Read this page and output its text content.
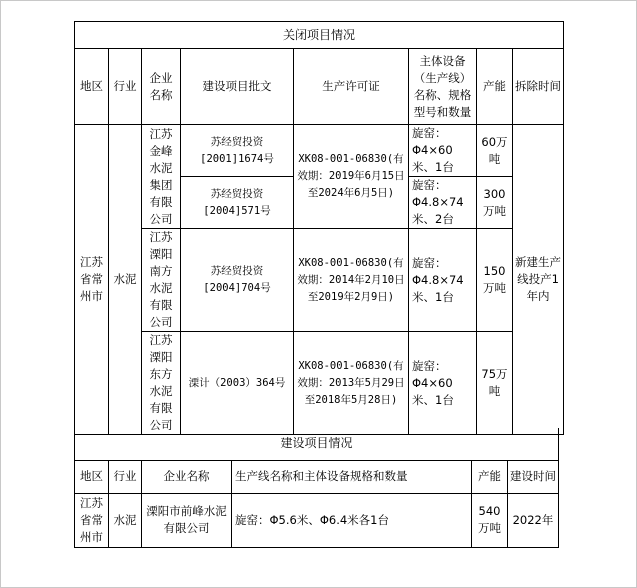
关闭项目情况							
地区	行业	企业名称	建设项目批文	生产许可证	主体设备（生产线）名称、规格型号和数量	产能	拆除时间
江苏省常州市	水泥	江苏金峰水泥集团有限公司	苏经贸投资[2001]1674号	XK08-001-06830(有效期：2019年6月15日至2024年6月5日)	旋窑：Φ4×60米、1台	60万吨	新建生产线投产1年内
			苏经贸投资[2004]571号		旋窑：Φ4.8×74米、2台	300万吨	
		江苏溧阳南方水泥有限公司	苏经贸投资[2004]704号	XK08-001-06830(有效期：2014年2月10日至2019年2月9日)	旋窑：Φ4.8×74米、1台	150万吨	
		江苏溧阳东方水泥有限公司	溧计（2003）364号	XK08-001-06830(有效期：2013年5月29日至2018年5月28日)	旋窑：Φ4×60米、1台	75万吨	
建设项目情况					
地区	行业	企业名称	生产线名称和主体设备规格和数量	产能	建设时间
江苏省常州市	水泥	溧阳市前峰水泥有限公司	旋窑：Φ5.6米、Φ6.4米各1台	540万吨	2022年
